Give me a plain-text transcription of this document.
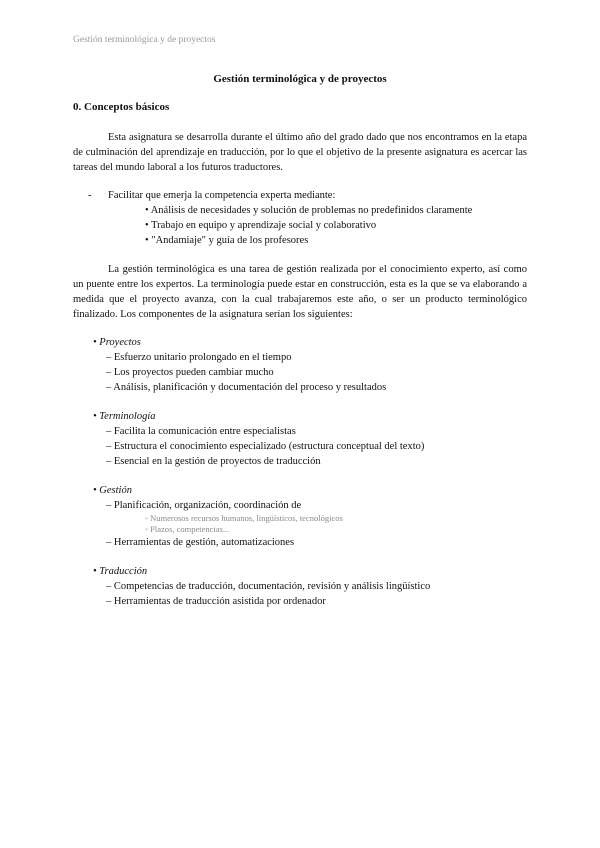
Gestión terminológica y de proyectos
Gestión terminológica y de proyectos
0. Conceptos básicos
Esta asignatura se desarrolla durante el último año del grado dado que nos encontramos en la etapa de culminación del aprendizaje en traducción, por lo que el objetivo de la presente asignatura es acercar las tareas del mundo laboral a los futuros traductores.
- Facilitar que emerja la competencia experta mediante:
• Análisis de necesidades y solución de problemas no predefinidos claramente
• Trabajo en equipo y aprendizaje social y colaborativo
• "Andamiaje" y guía de los profesores
La gestión terminológica es una tarea de gestión realizada por el conocimiento experto, así como un puente entre los expertos. La terminología puede estar en construcción, esta es la que se va elaborando a medida que el proyecto avanza, con la cual trabajaremos este año, o ser un producto terminológico finalizado. Los componentes de la asignatura serían los siguientes:
• Proyectos
– Esfuerzo unitario prolongado en el tiempo
– Los proyectos pueden cambiar mucho
– Análisis, planificación y documentación del proceso y resultados
• Terminología
– Facilita la comunicación entre especialistas
– Estructura el conocimiento especializado (estructura conceptual del texto)
– Esencial en la gestión de proyectos de traducción
• Gestión
– Planificación, organización, coordinación de
◦ Numerosos recursos humanos, lingüísticos, tecnológicos
◦ Plazos, competencias...
– Herramientas de gestión, automatizaciones
• Traducción
– Competencias de traducción, documentación, revisión y análisis lingüístico
– Herramientas de traducción asistida por ordenador
